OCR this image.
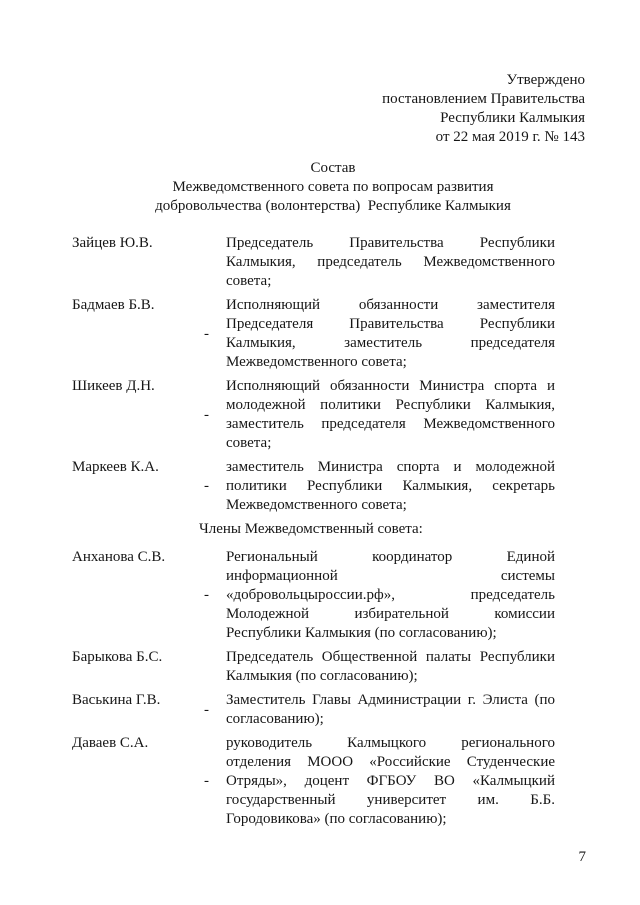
Утверждено
постановлением Правительства
Республики Калмыкия
от 22 мая 2019 г. № 143
Состав
Межведомственного совета по вопросам развития
добровольчества (волонтерства)  Республике Калмыкия
Зайцев Ю.В.	Председатель Правительства Республики
Калмыкия, председатель Межведомственного
совета;
Бадмаев Б.В.
-
Исполняющий обязанности заместителя
Председателя Правительства Республики
Калмыкия, заместитель председателя
Межведомственного совета;
Шикеев Д.Н.
-
Исполняющий обязанности Министра спорта и
молодежной политики Республики Калмыкия,
заместитель председателя Межведомственного
совета;
Маркеев К.А.
-
заместитель Министра спорта и молодежной
политики Республики Калмыкия, секретарь
Межведомственного совета;
Члены Межведомственный совета:
Анханова С.В.
-
Региональный координатор Единой
информационной системы
«добровольцыроссии.рф», председатель
Молодежной избирательной комиссии
Республики Калмыкия (по согласованию);
Барыкова Б.С.	Председатель Общественной палаты Республики
Калмыкия (по согласованию);
Васькина Г.В.
-
Заместитель Главы Администрации г. Элиста (по
согласованию);
Даваев С.А.
-
руководитель Калмыцкого регионального
отделения МООО «Российские Студенческие
Отряды», доцент ФГБОУ ВО «Калмыцкий
государственный университет им. Б.Б.
Городовикова» (по согласованию);
7
